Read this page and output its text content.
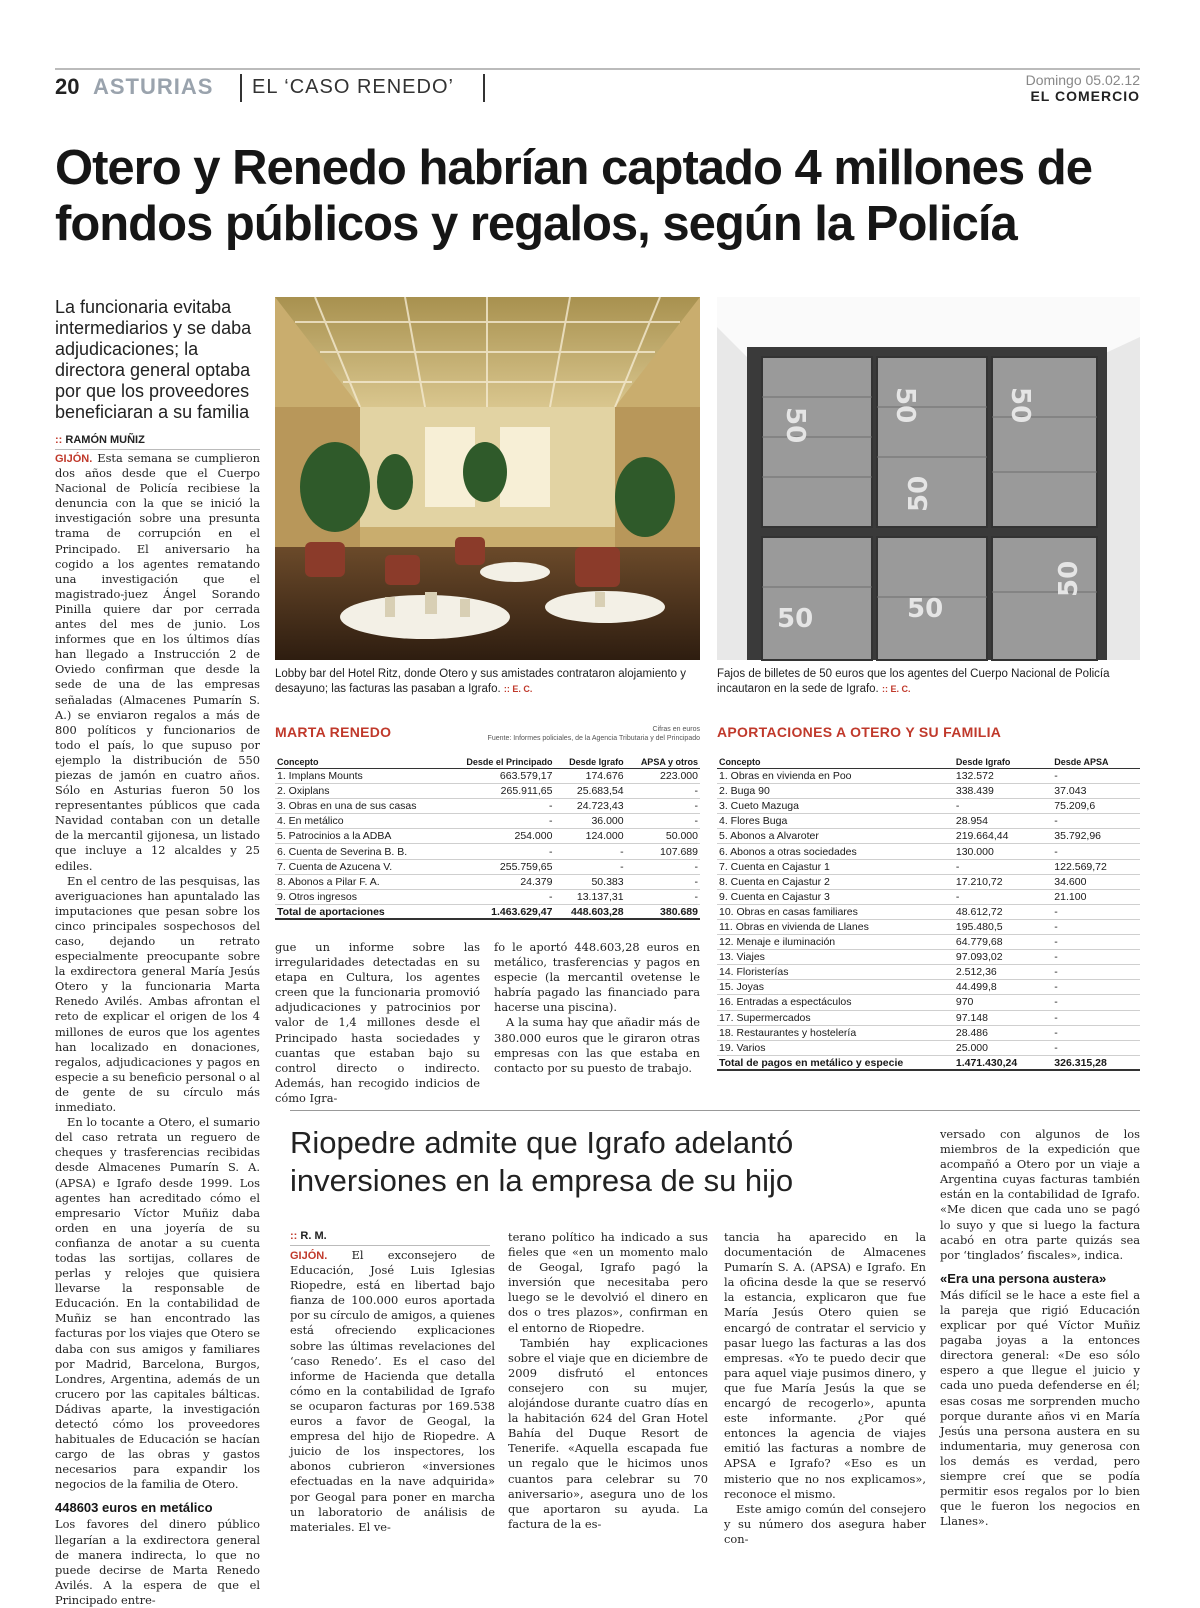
20 ASTURIAS EL ‘CASO RENEDO’	Domingo 05.02.12
EL COMERCIO
Otero y Renedo habrían captado 4 millones de fondos públicos y regalos, según la Policía
La funcionaria evitaba intermediarios y se daba adjudicaciones; la directora general optaba por que los proveedores beneficiaran a su familia
:: RAMÓN MUÑIZ

GIJÓN. Esta semana se cumplieron dos años desde que el Cuerpo Nacional de Policía recibiese la denuncia con la que se inició la investigación sobre una presunta trama de corrupción en el Principado. El aniversario ha cogido a los agentes rematando una investigación que el magistrado-juez Ángel Sorando Pinilla quiere dar por cerrada antes del mes de junio. Los informes que en los últimos días han llegado a Instrucción 2 de Oviedo confirman que desde la sede de una de las empresas señaladas (Almacenes Pumarín S. A.) se enviaron regalos a más de 800 políticos y funcionarios de todo el país, lo que supuso por ejemplo la distribución de 550 piezas de jamón en cuatro años. Sólo en Asturias fueron 50 los representantes públicos que cada Navidad contaban con un detalle de la mercantil gijonesa, un listado que incluye a 12 alcaldes y 25 ediles.

En el centro de las pesquisas, las averiguaciones han apuntalado las imputaciones que pesan sobre los cinco principales sospechosos del caso, dejando un retrato especialmente preocupante sobre la exdirectora general María Jesús Otero y la funcionaria Marta Renedo Avilés. Ambas afrontan el reto de explicar el origen de los 4 millones de euros que los agentes han localizado en donaciones, regalos, adjudicaciones y pagos en especie a su beneficio personal o al de gente de su círculo más inmediato.

En lo tocante a Otero, el sumario del caso retrata un reguero de cheques y trasferencias recibidas desde Almacenes Pumarín S. A. (APSA) e Igrafo desde 1999. Los agentes han acreditado cómo el empresario Víctor Muñiz daba orden en una joyería de su confianza de anotar a su cuenta todas las sortijas, collares de perlas y relojes que quisiera llevarse la responsable de Educación. En la contabilidad de Muñiz se han encontrado las facturas por los viajes que Otero se daba con sus amigos y familiares por Madrid, Barcelona, Burgos, Londres, Argentina, además de un crucero por las capitales bálticas. Dádivas aparte, la investigación detectó cómo los proveedores habituales de Educación se hacían cargo de las obras y gastos necesarios para expandir los negocios de la familia de Otero.

448603 euros en metálico

Los favores del dinero público llegarían a la exdirectora general de manera indirecta, lo que no puede decirse de Marta Renedo Avilés. A la espera de que el Principado entre-

Lobby bar del Hotel Ritz, donde Otero y sus amistades contrataron alojamiento y desayuno; las facturas las pasaban a Igrafo. :: E. C.
50
50	50
50
50	50
50
Fajos de billetes de 50 euros que los agentes del Cuerpo Nacional de Policía incautaron en la sede de Igrafo. :: E. C.
MARTA RENEDO	Cifras en euros
Fuente: Informes policiales, de la Agencia Tributaria y del Principado
Concepto	Desde el Principado	Desde Igrafo	APSA y otros
1. Implans Mounts	663.579,17	174.676	223.000
2. Oxiplans	265.911,65	25.683,54	-
3. Obras en una de sus casas	-	24.723,43	-
4. En metálico	-	36.000	-
5. Patrocinios a la ADBA	254.000	124.000	50.000
6. Cuenta de Severina B. B.	-	-	107.689
7. Cuenta de Azucena V.	255.759,65	-	-
8. Abonos a Pilar F. A.	24.379	50.383	-
9. Otros ingresos	-	13.137,31	-
Total de aportaciones	1.463.629,47	448.603,28	380.689
APORTACIONES A OTERO Y SU FAMILIA
Concepto	Desde Igrafo	Desde APSA
1. Obras en vivienda en Poo	132.572	-
2. Buga 90	338.439	37.043
3. Cueto Mazuga	-	75.209,6
4. Flores Buga	28.954	-
5. Abonos a Alvaroter	219.664,44	35.792,96
6. Abonos a otras sociedades	130.000	-
7. Cuenta en Cajastur 1	-	122.569,72
8. Cuenta en Cajastur 2	17.210,72	34.600
9. Cuenta en Cajastur 3	-	21.100
10. Obras en casas familiares	48.612,72	-
11. Obras en vivienda de Llanes	195.480,5	-
12. Menaje e iluminación	64.779,68	-
13. Viajes	97.093,02	-
14. Floristerías	2.512,36	-
15. Joyas	44.499,8	-
16. Entradas a espectáculos	970	-
17. Supermercados	97.148	-
18. Restaurantes y hostelería	28.486	-
19. Varios	25.000	-
Total de pagos en metálico y especie	1.471.430,24	326.315,28

gue un informe sobre las irregularidades detectadas en su etapa en Cultura, los agentes creen que la funcionaria promovió adjudicaciones y patrocinios por valor de 1,4 millones desde el Principado hasta sociedades y cuantas que estaban bajo su control directo o indirecto. Además, han recogido indicios de cómo Igra-

fo le aportó 448.603,28 euros en metálico, trasferencias y pagos en especie (la mercantil ovetense le habría pagado las financiado para hacerse una piscina).

A la suma hay que añadir más de 380.000 euros que le giraron otras empresas con las que estaba en contacto por su puesto de trabajo.

Riopedre admite que Igrafo adelantó inversiones en la empresa de su hijo
:: R. M.

GIJÓN. El exconsejero de Educación, José Luis Iglesias Riopedre, está en libertad bajo fianza de 100.000 euros aportada por su círculo de amigos, a quienes está ofreciendo explicaciones sobre las últimas revelaciones del ‘caso Renedo’. Es el caso del informe de Hacienda que detalla cómo en la contabilidad de Igrafo se ocuparon facturas por 169.538 euros a favor de Geogal, la empresa del hijo de Riopedre. A juicio de los inspectores, los abonos cubrieron «inversiones efectuadas en la nave adquirida» por Geogal para poner en marcha un laboratorio de análisis de materiales. El ve-

terano político ha indicado a sus fieles que «en un momento malo de Geogal, Igrafo pagó la inversión que necesitaba pero luego se le devolvió el dinero en dos o tres plazos», confirman en el entorno de Riopedre.

También hay explicaciones sobre el viaje que en diciembre de 2009 disfrutó el entonces consejero con su mujer, alojándose durante cuatro días en la habitación 624 del Gran Hotel Bahía del Duque Resort de Tenerife. «Aquella escapada fue un regalo que le hicimos unos cuantos para celebrar su 70 aniversario», asegura uno de los que aportaron su ayuda. La factura de la es-

tancia ha aparecido en la documentación de Almacenes Pumarín S. A. (APSA) e Igrafo. En la oficina desde la que se reservó la estancia, explicaron que fue María Jesús Otero quien se encargó de contratar el servicio y pasar luego las facturas a las dos empresas. «Yo te puedo decir que para aquel viaje pusimos dinero, y que fue María Jesús la que se encargó de recogerlo», apunta este informante. ¿Por qué entonces la agencia de viajes emitió las facturas a nombre de APSA e Igrafo? «Eso es un misterio que no nos explicamos», reconoce el mismo.

Este amigo común del consejero y su número dos asegura haber con-

versado con algunos de los miembros de la expedición que acompañó a Otero por un viaje a Argentina cuyas facturas también están en la contabilidad de Igrafo. «Me dicen que cada uno se pagó lo suyo y que si luego la factura acabó en otra parte quizás sea por ‘tinglados’ fiscales», indica.

«Era una persona austera»

Más difícil se le hace a este fiel a la pareja que rigió Educación explicar por qué Víctor Muñiz pagaba joyas a la entonces directora general: «De eso sólo espero a que llegue el juicio y cada uno pueda defenderse en él; esas cosas me sorprenden mucho porque durante años vi en María Jesús una persona austera en su indumentaria, muy generosa con los demás es verdad, pero siempre creí que se podía permitir esos regalos por lo bien que le fueron los negocios en Llanes».
